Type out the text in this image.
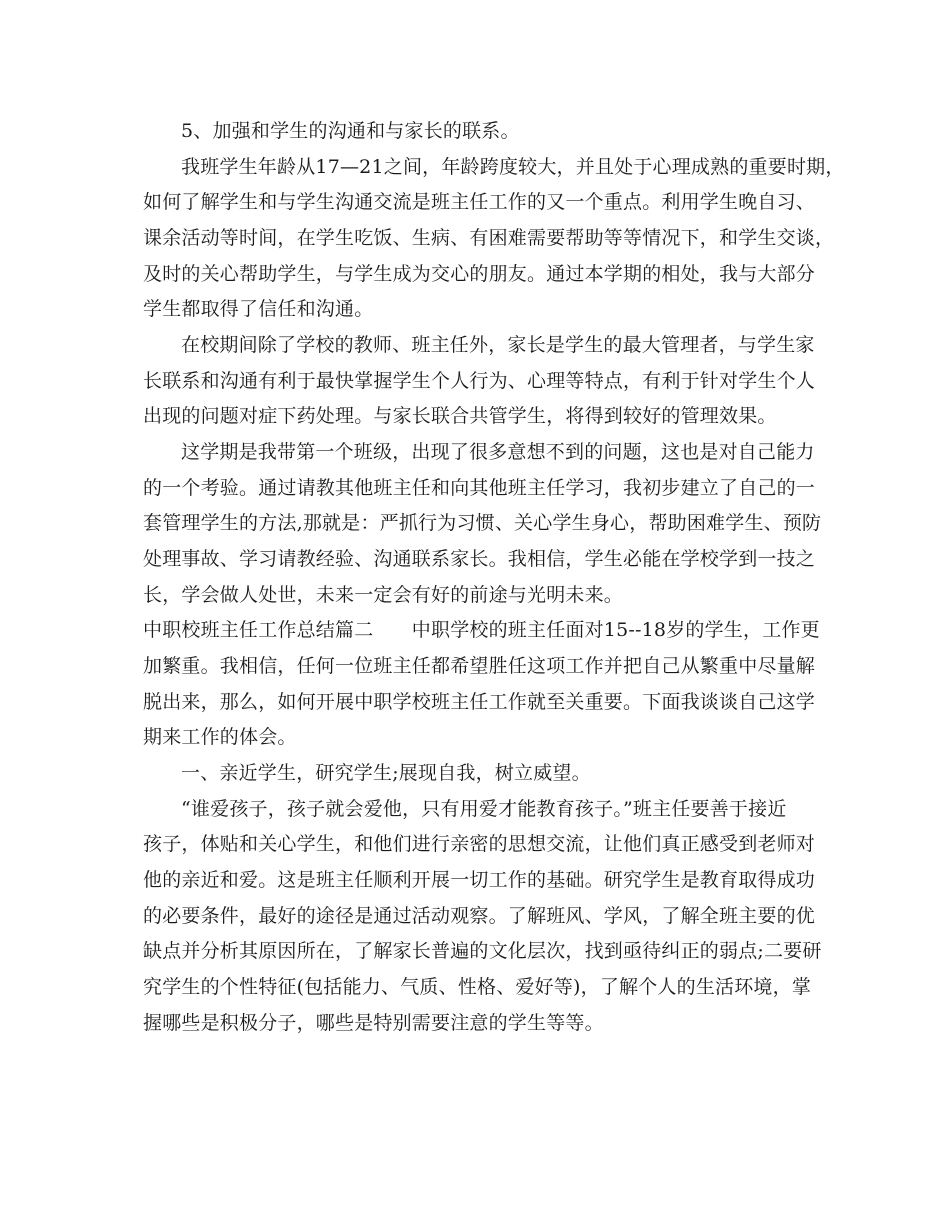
5、加强和学生的沟通和与家长的联系。
我班学生年龄从17—21之间，年龄跨度较大，并且处于心理成熟的重要时期，
如何了解学生和与学生沟通交流是班主任工作的又一个重点。利用学生晚自习、
课余活动等时间，在学生吃饭、生病、有困难需要帮助等等情况下，和学生交谈，
及时的关心帮助学生，与学生成为交心的朋友。通过本学期的相处，我与大部分
学生都取得了信任和沟通。
在校期间除了学校的教师、班主任外，家长是学生的最大管理者，与学生家
长联系和沟通有利于最快掌握学生个人行为、心理等特点，有利于针对学生个人
出现的问题对症下药处理。与家长联合共管学生，将得到较好的管理效果。
这学期是我带第一个班级，出现了很多意想不到的问题，这也是对自己能力
的一个考验。通过请教其他班主任和向其他班主任学习，我初步建立了自己的一
套管理学生的方法,那就是：严抓行为习惯、关心学生身心，帮助困难学生、预防
处理事故、学习请教经验、沟通联系家长。我相信，学生必能在学校学到一技之
长，学会做人处世，未来一定会有好的前途与光明未来。
中职校班主任工作总结篇二　　中职学校的班主任面对15--18岁的学生，工作更
加繁重。我相信，任何一位班主任都希望胜任这项工作并把自己从繁重中尽量解
脱出来，那么，如何开展中职学校班主任工作就至关重要。下面我谈谈自己这学
期来工作的体会。
一、亲近学生，研究学生;展现自我，树立威望。
“谁爱孩子，孩子就会爱他，只有用爱才能教育孩子。”班主任要善于接近
孩子，体贴和关心学生，和他们进行亲密的思想交流，让他们真正感受到老师对
他的亲近和爱。这是班主任顺利开展一切工作的基础。研究学生是教育取得成功
的必要条件，最好的途径是通过活动观察。了解班风、学风，了解全班主要的优
缺点并分析其原因所在，了解家长普遍的文化层次，找到亟待纠正的弱点;二要研
究学生的个性特征(包括能力、气质、性格、爱好等)，了解个人的生活环境，掌
握哪些是积极分子，哪些是特别需要注意的学生等等。
